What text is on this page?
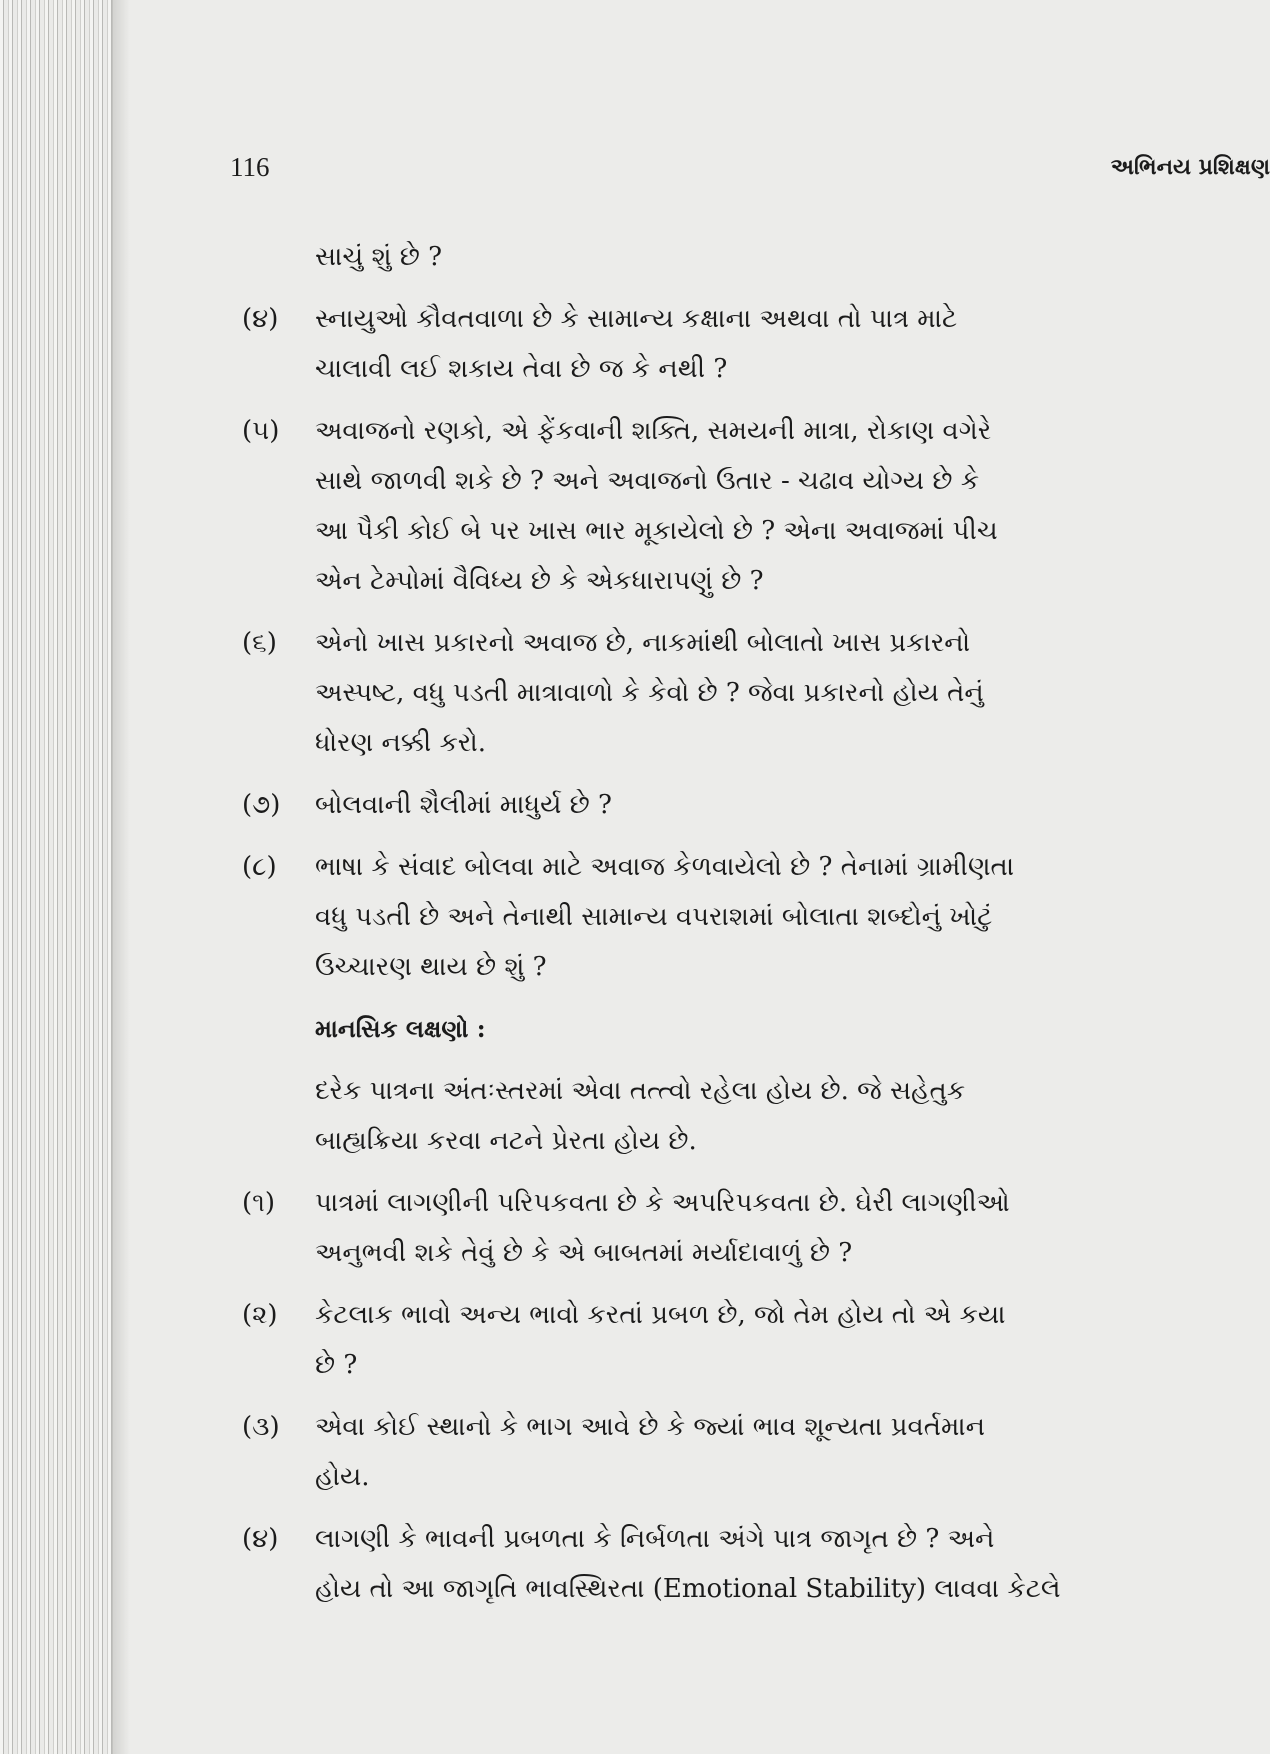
116	અભિનય પ્રશિક્ષણ
સાચું શું છે ?
(૪) સ્નાયુઓ કૌવતવાળા છે કે સામાન્ય કક્ષાના અથવા તો પાત્ર માટે
ચાલાવી લઈ શકાય તેવા છે જ કે નથી ?
(૫) અવાજનો રણકો, એ ફેંકવાની શક્તિ, સમયની માત્રા, રોકાણ વગેરે
સાથે જાળવી શકે છે ? અને અવાજનો ઉતાર - ચઢાવ યોગ્ય છે કે
આ પૈકી કોઈ બે પર ખાસ ભાર મૂકાયેલો છે ? એના અવાજમાં પીચ
એન ટેમ્પોમાં વૈવિધ્ય છે કે એકધારાપણું છે ?
(૬) એનો ખાસ પ્રકારનો અવાજ છે, નાકમાંથી બોલાતો ખાસ પ્રકારનો
અસ્પષ્ટ, વધુ પડતી માત્રાવાળો કે કેવો છે ? જેવા પ્રકારનો હોય તેનું
ધોરણ નક્કી કરો.
(૭) બોલવાની શૈલીમાં માધુર્ય છે ?
(૮) ભાષા કે સંવાદ બોલવા માટે અવાજ કેળવાયેલો છે ? તેનામાં ગ્રામીણતા
વધુ પડતી છે અને તેનાથી સામાન્ય વપરાશમાં બોલાતા શબ્દોનું ખોટું
ઉચ્ચારણ થાય છે શું ?
માનસિક લક્ષણો :
દરેક પાત્રના અંતઃસ્તરમાં એવા તત્ત્વો રહેલા હોય છે. જે સહેતુક
બાહ્યક્રિયા કરવા નટને પ્રેરતા હોય છે.
(૧) પાત્રમાં લાગણીની પરિપકવતા છે કે અપરિપકવતા છે. ઘેરી લાગણીઓ
અનુભવી શકે તેવું છે કે એ બાબતમાં મર્યાદાવાળું છે ?
(૨) કેટલાક ભાવો અન્ય ભાવો કરતાં પ્રબળ છે, જો તેમ હોય તો એ કયા
છે ?
(૩) એવા કોઈ સ્થાનો કે ભાગ આવે છે કે જ્યાં ભાવ શૂન્યતા પ્રવર્તમાન
હોય.
(૪) લાગણી કે ભાવની પ્રબળતા કે નિર્બળતા અંગે પાત્ર જાગૃત છે ? અને
હોય તો આ જાગૃતિ ભાવસ્થિરતા (Emotional Stability) લાવવા કેટલે
